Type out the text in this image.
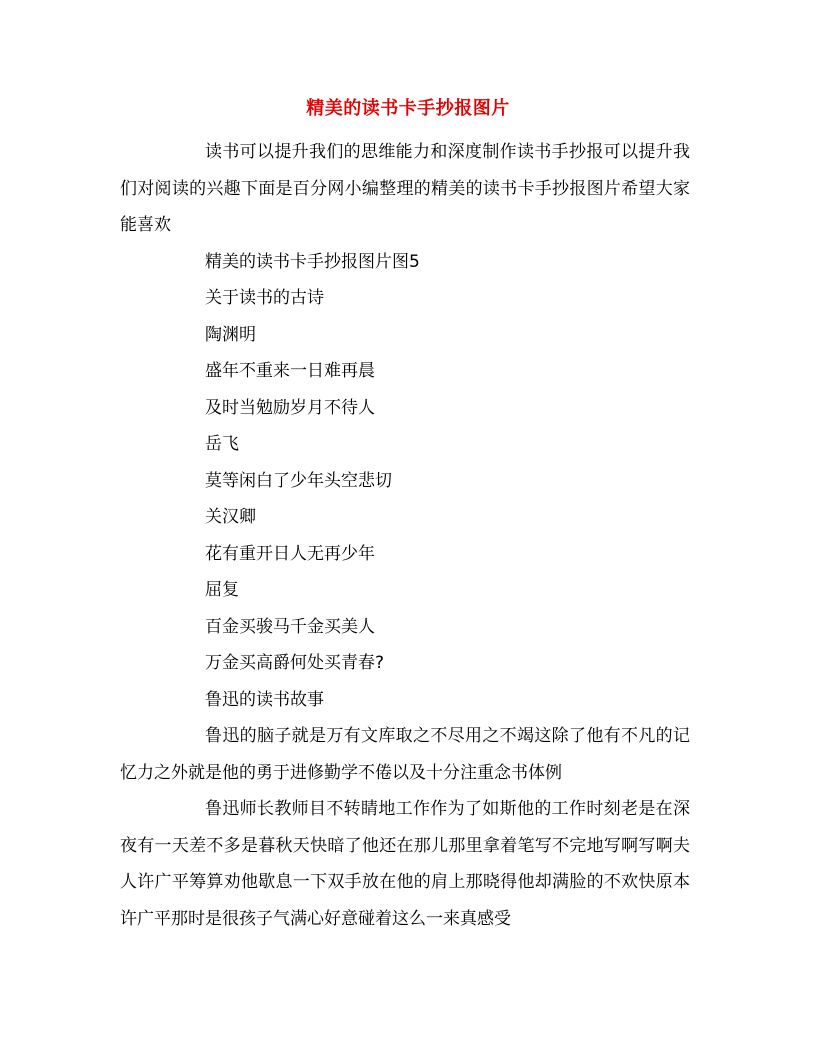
精美的读书卡手抄报图片

读书可以提升我们的思维能力和深度制作读书手抄报可以提升我们对阅读的兴趣下面是百分网小编整理的精美的读书卡手抄报图片希望大家能喜欢

精美的读书卡手抄报图片图5

关于读书的古诗

陶渊明

盛年不重来一日难再晨

及时当勉励岁月不待人

岳飞

莫等闲白了少年头空悲切

关汉卿

花有重开日人无再少年

屈复

百金买骏马千金买美人

万金买高爵何处买青春?

鲁迅的读书故事

鲁迅的脑子就是万有文库取之不尽用之不竭这除了他有不凡的记忆力之外就是他的勇于进修勤学不倦以及十分注重念书体例

鲁迅师长教师目不转睛地工作作为了如斯他的工作时刻老是在深夜有一天差不多是暮秋天快暗了他还在那儿那里拿着笔写不完地写啊写啊夫人许广平筹算劝他歇息一下双手放在他的肩上那晓得他却满脸的不欢快原本许广平那时是很孩子气满心好意碰着这么一来真感受
